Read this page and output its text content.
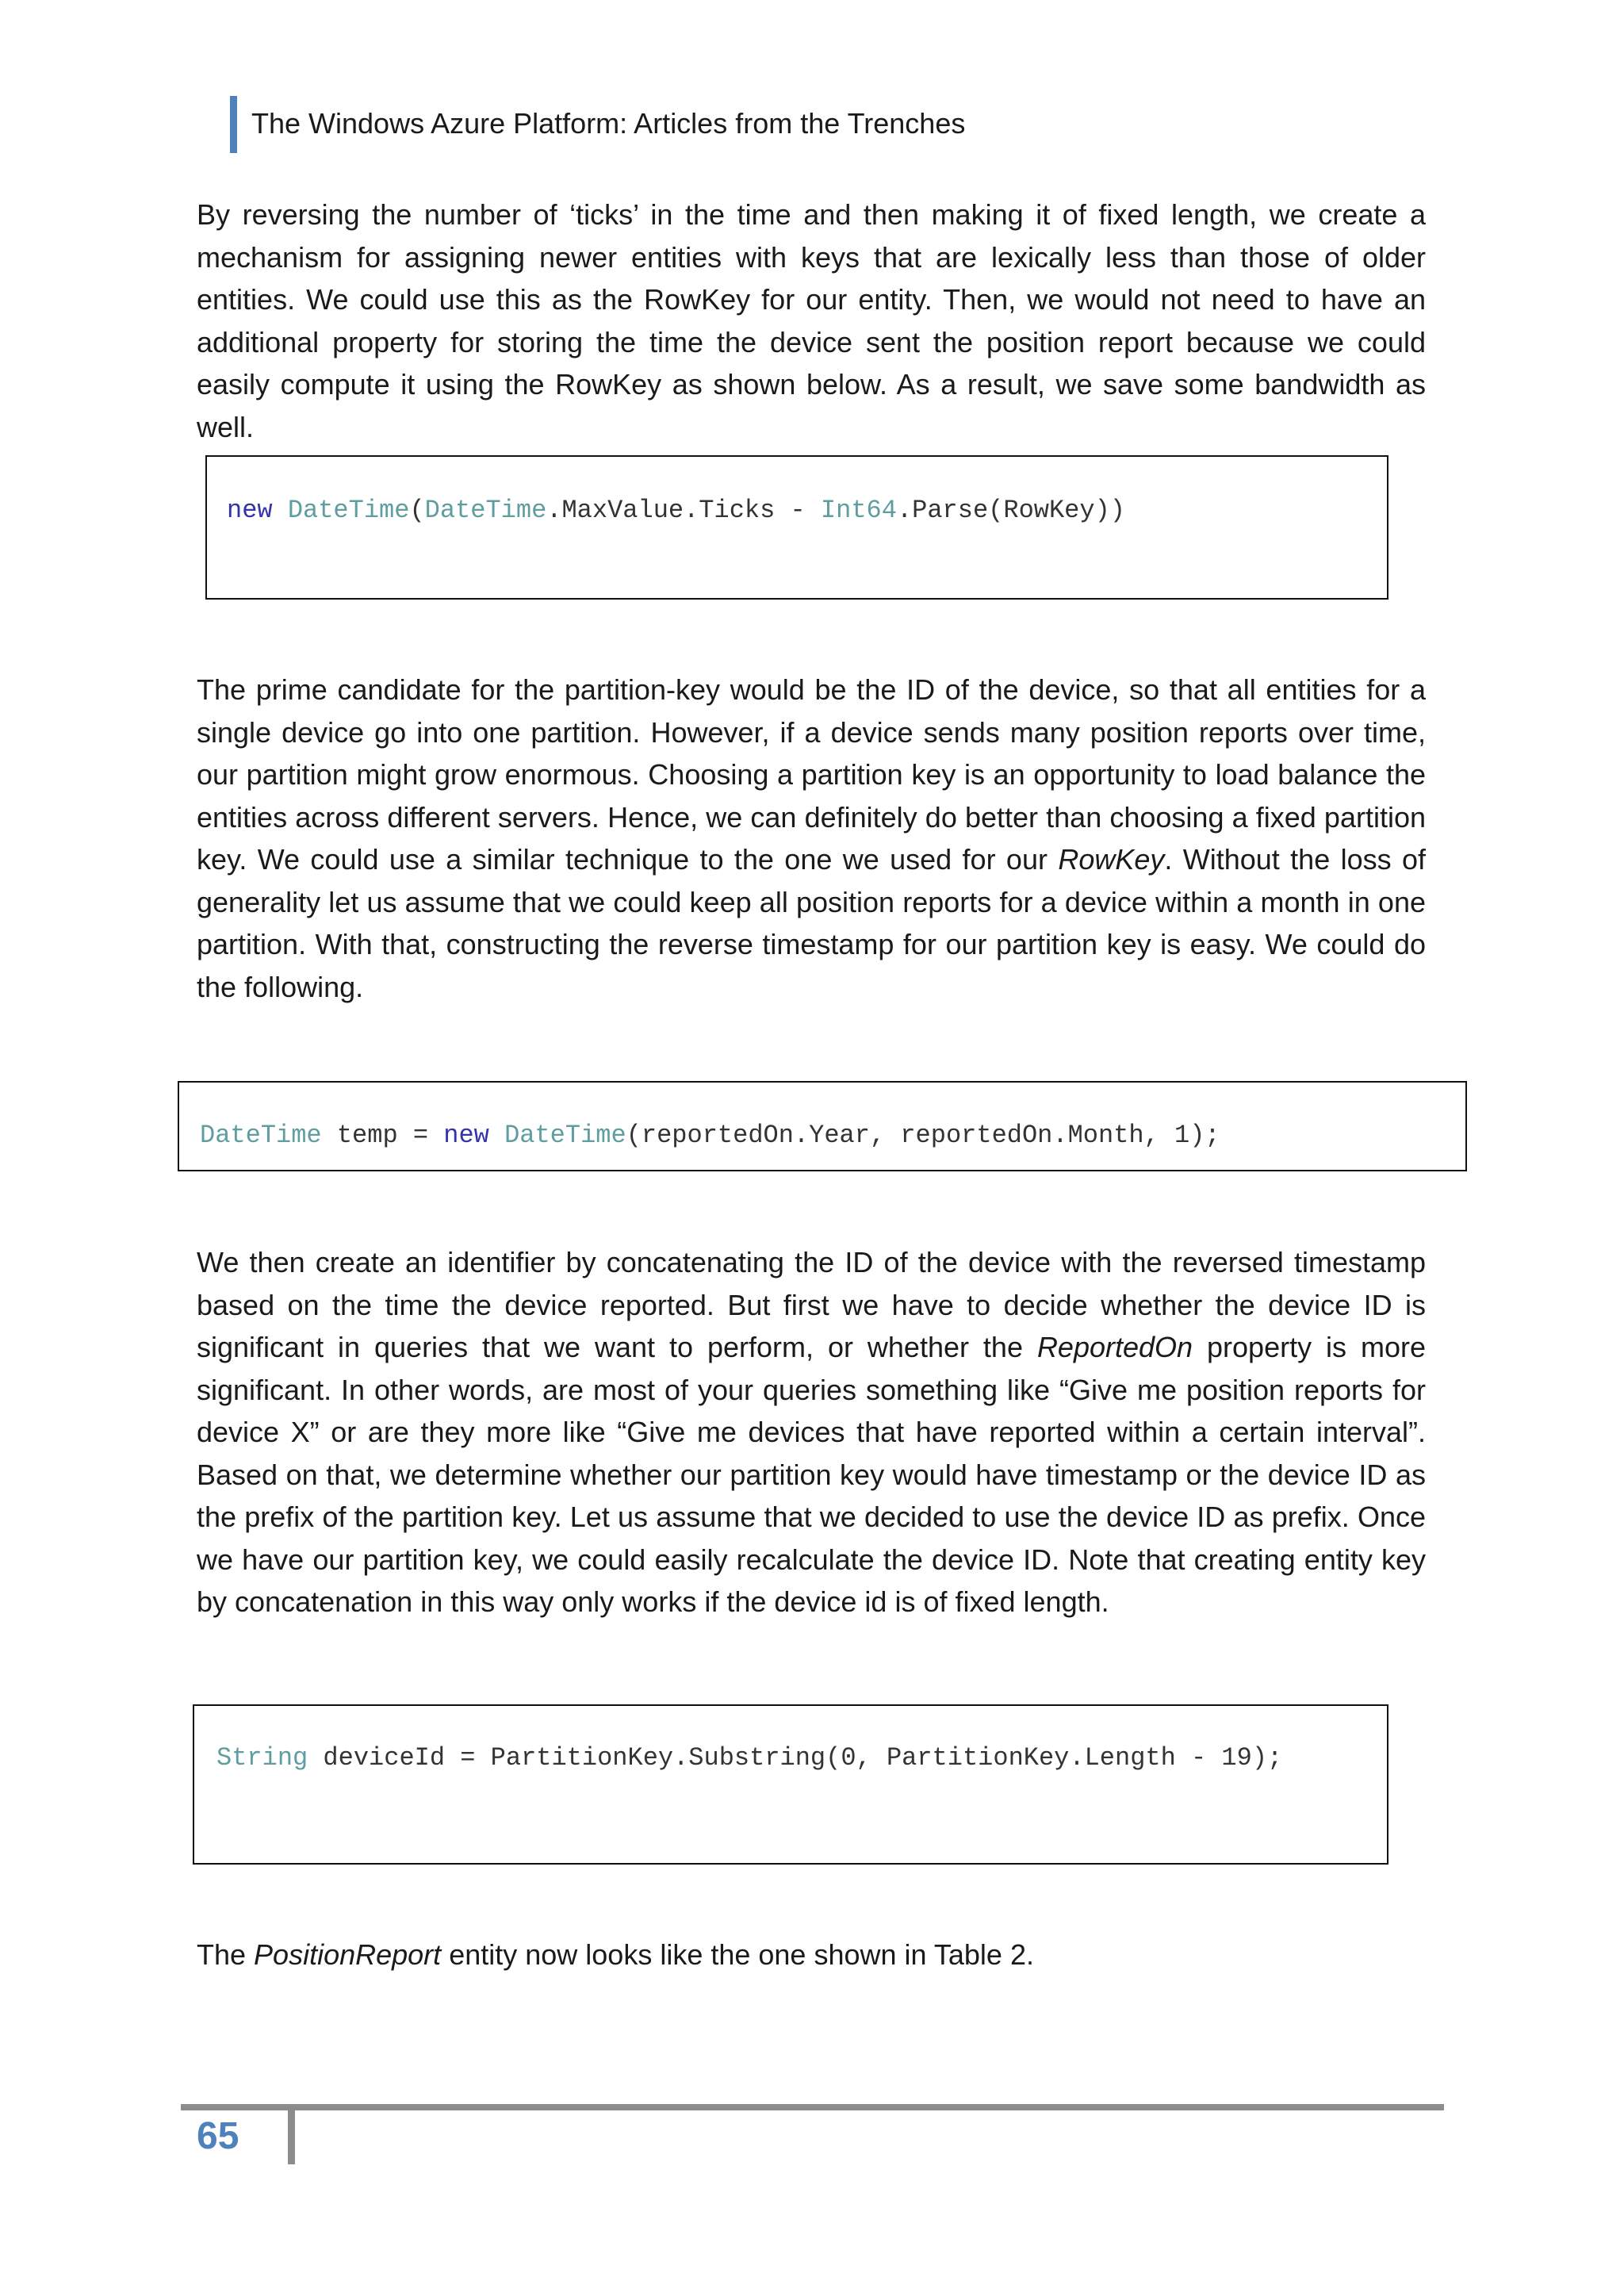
The Windows Azure Platform: Articles from the Trenches

By reversing the number of ‘ticks’ in the time and then making it of fixed length, we create a mechanism for assigning newer entities with keys that are lexically less than those of older entities. We could use this as the RowKey for our entity. Then, we would not need to have an additional property for storing the time the device sent the position report because we could easily compute it using the RowKey as shown below. As a result, we save some bandwidth as well.

new DateTime(DateTime.MaxValue.Ticks - Int64.Parse(RowKey))

The prime candidate for the partition-key would be the ID of the device, so that all entities for a single device go into one partition. However, if a device sends many position reports over time, our partition might grow enormous. Choosing a partition key is an opportunity to load balance the entities across different servers. Hence, we can definitely do better than choosing a fixed partition key. We could use a similar technique to the one we used for our RowKey. Without the loss of generality let us assume that we could keep all position reports for a device within a month in one partition. With that, constructing the reverse timestamp for our partition key is easy. We could do the following.

DateTime temp = new DateTime(reportedOn.Year, reportedOn.Month, 1);

We then create an identifier by concatenating the ID of the device with the reversed timestamp based on the time the device reported. But first we have to decide whether the device ID is significant in queries that we want to perform, or whether the ReportedOn property is more significant. In other words, are most of your queries something like “Give me position reports for device X” or are they more like “Give me devices that have reported within a certain interval”. Based on that, we determine whether our partition key would have timestamp or the device ID as the prefix of the partition key. Let us assume that we decided to use the device ID as prefix. Once we have our partition key, we could easily recalculate the device ID. Note that creating entity key by concatenation in this way only works if the device id is of fixed length.

String deviceId = PartitionKey.Substring(0, PartitionKey.Length - 19);

The PositionReport entity now looks like the one shown in Table 2.

65
